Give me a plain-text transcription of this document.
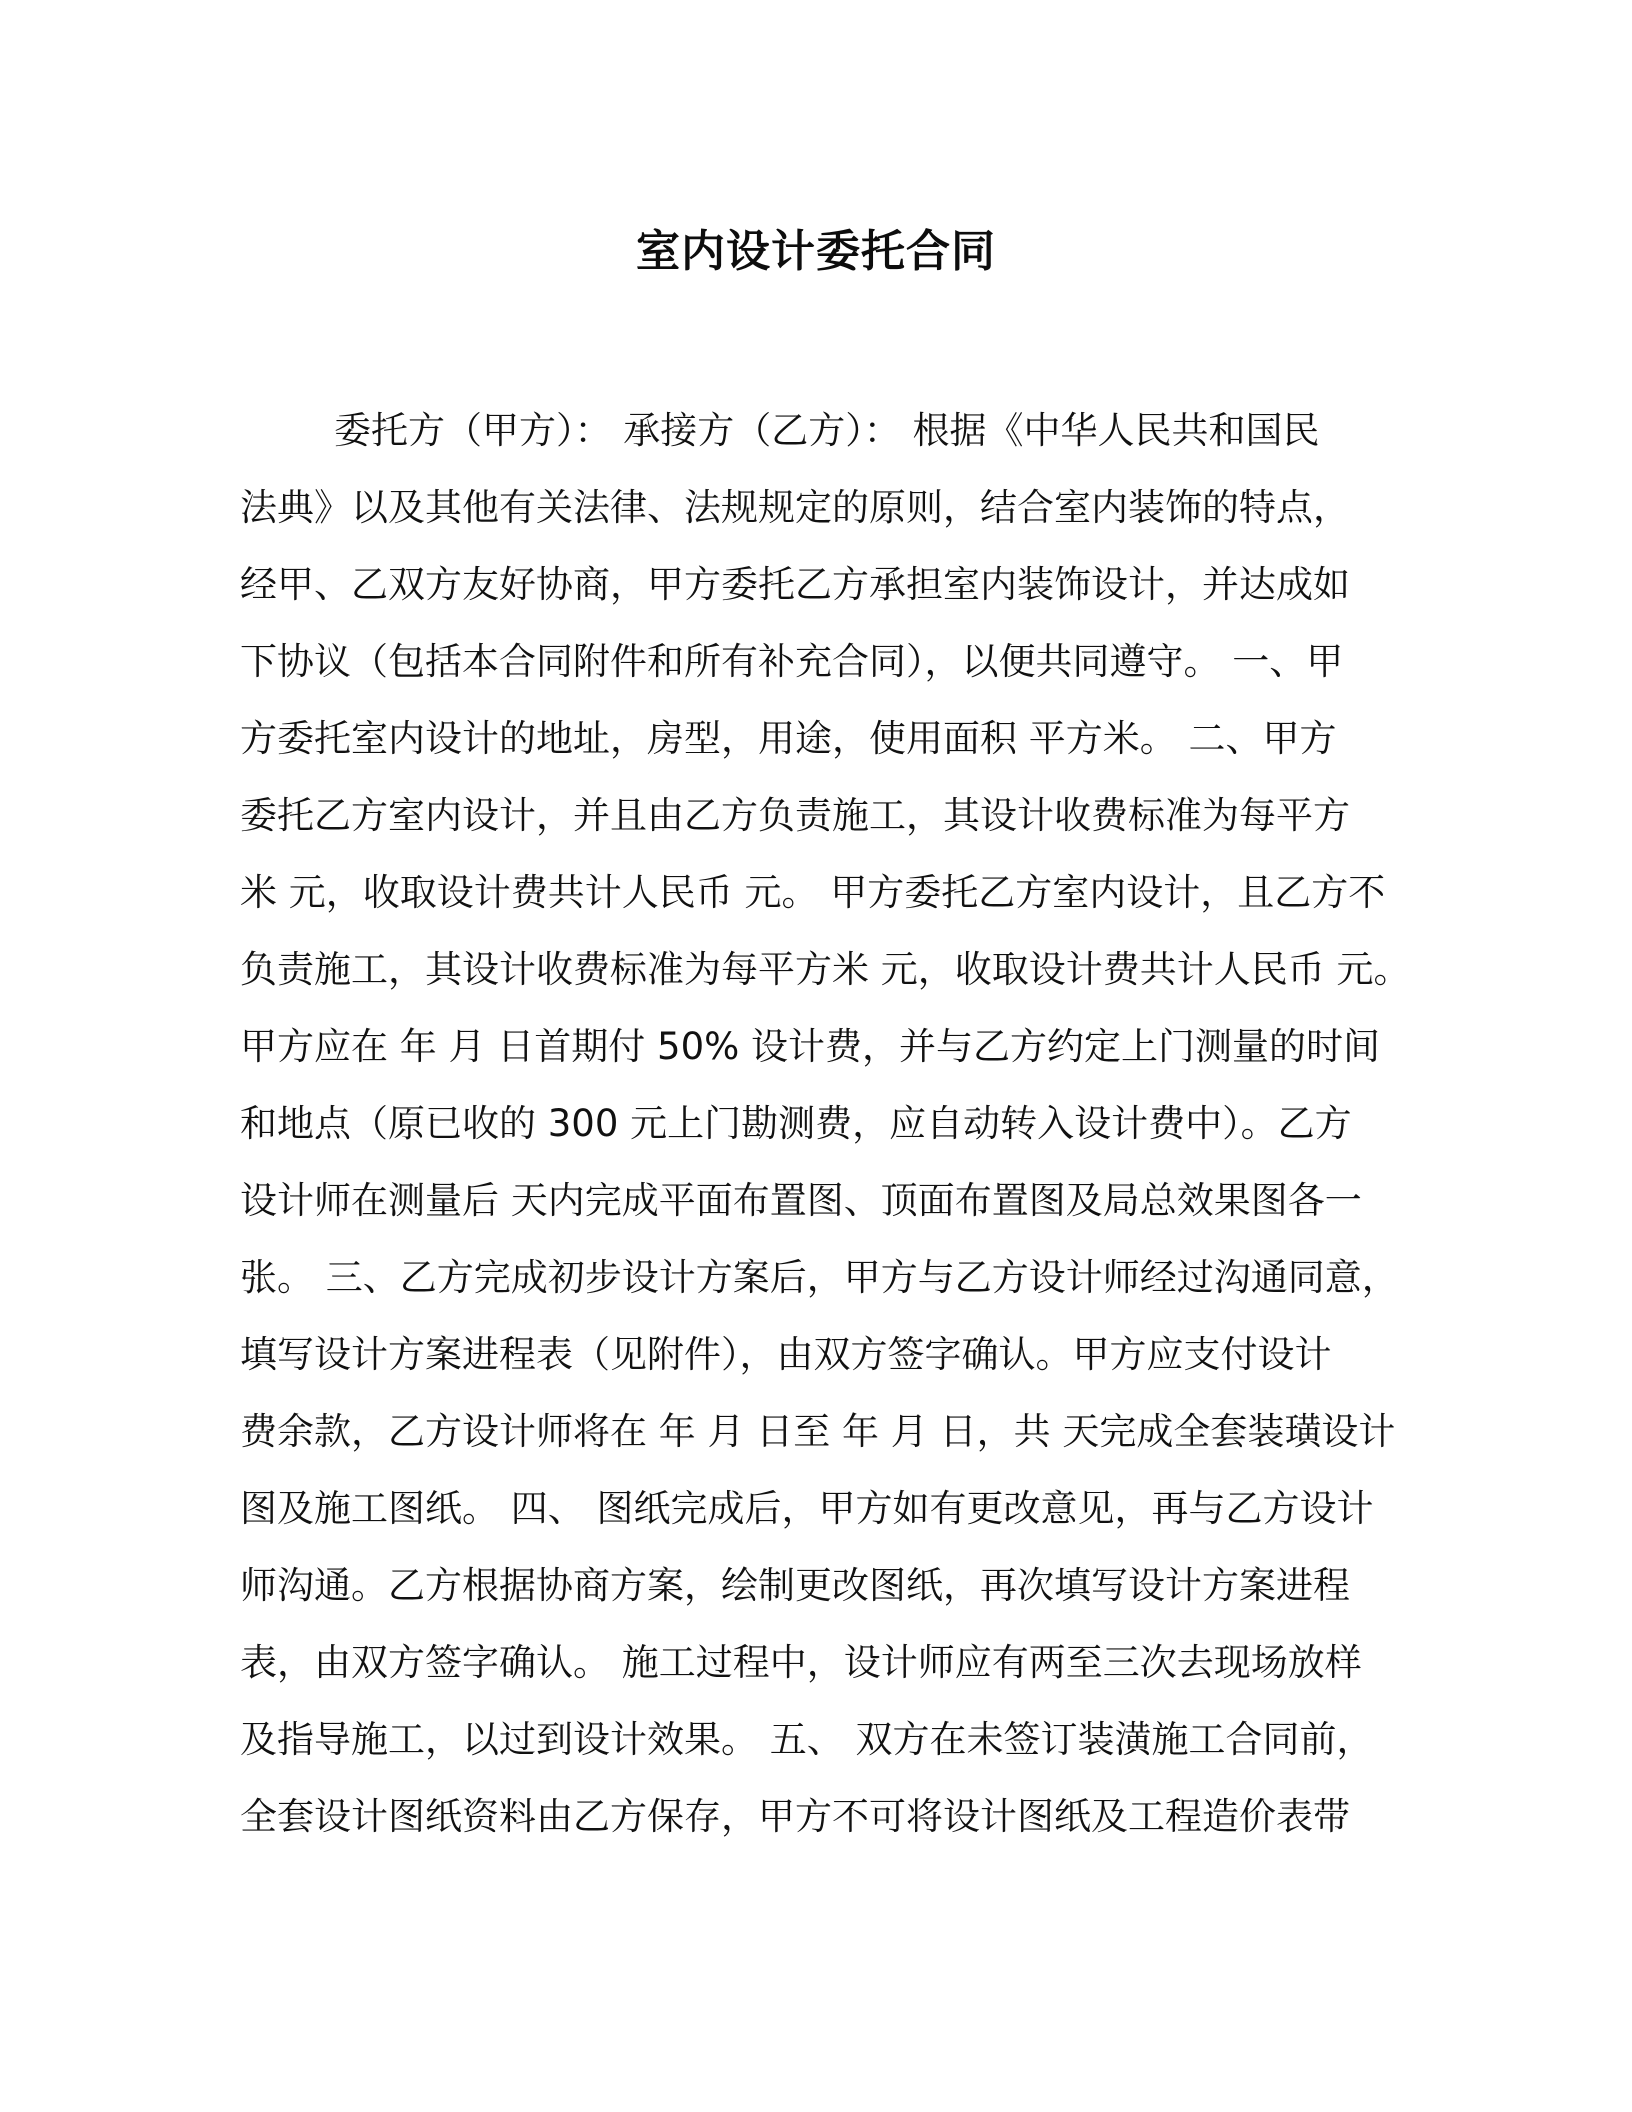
室内设计委托合同
委托方（甲方）： 承接方（乙方）： 根据《中华人民共和国民
法典》以及其他有关法律、法规规定的原则，结合室内装饰的特点，
经甲、乙双方友好协商，甲方委托乙方承担室内装饰设计，并达成如
下协议（包括本合同附件和所有补充合同），以便共同遵守。 一、甲
方委托室内设计的地址，房型，用途，使用面积 平方米。 二、甲方
委托乙方室内设计，并且由乙方负责施工，其设计收费标准为每平方
米 元，收取设计费共计人民币 元。 甲方委托乙方室内设计，且乙方不
负责施工，其设计收费标准为每平方米 元，收取设计费共计人民币 元。
甲方应在 年 月 日首期付 50% 设计费，并与乙方约定上门测量的时间
和地点（原已收的 300 元上门勘测费，应自动转入设计费中）。乙方
设计师在测量后 天内完成平面布置图、顶面布置图及局总效果图各一
张。 三、乙方完成初步设计方案后，甲方与乙方设计师经过沟通同意，
填写设计方案进程表（见附件），由双方签字确认。甲方应支付设计
费余款，乙方设计师将在 年 月 日至 年 月 日，共 天完成全套装璜设计
图及施工图纸。 四、 图纸完成后，甲方如有更改意见，再与乙方设计
师沟通。乙方根据协商方案，绘制更改图纸，再次填写设计方案进程
表，由双方签字确认。 施工过程中，设计师应有两至三次去现场放样
及指导施工，以过到设计效果。 五、 双方在未签订装潢施工合同前，
全套设计图纸资料由乙方保存，甲方不可将设计图纸及工程造价表带
